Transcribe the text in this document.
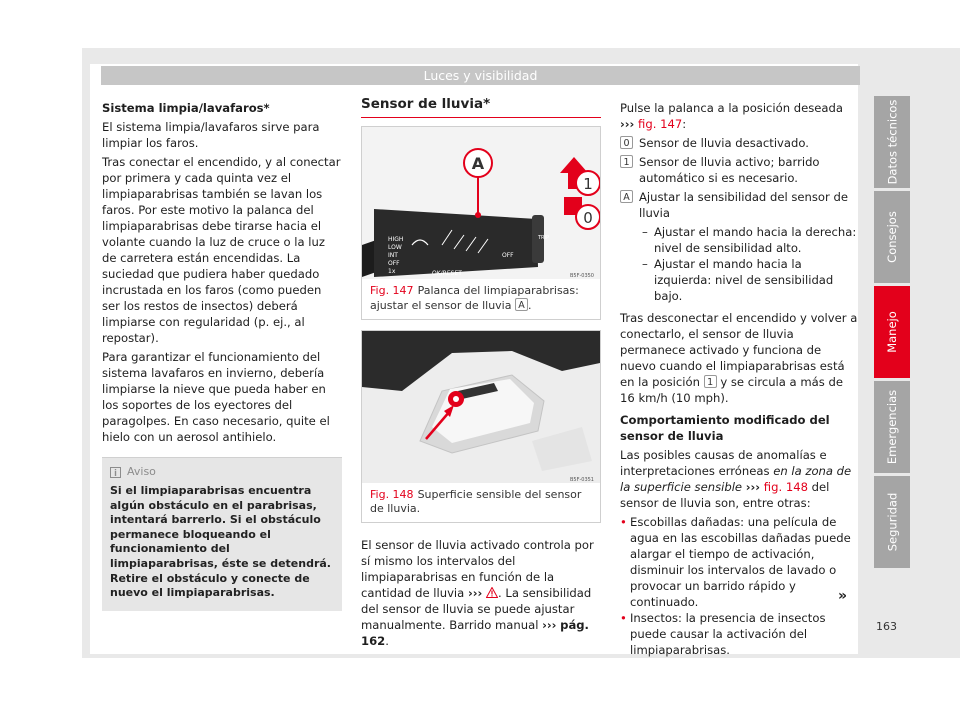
Luces y visibilidad

Sistema limpia/lavafaros*

El sistema limpia/lavafaros sirve para limpiar los faros.

Tras conectar el encendido, y al conectar por primera y cada quinta vez el limpiaparabrisas también se lavan los faros. Por este motivo la palanca del limpiaparabrisas debe tirarse hacia el volante cuando la luz de cruce o la luz de carretera están encendidas. La suciedad que pudiera haber quedado incrustada en los faros (como pueden ser los restos de insectos) deberá limpiarse con regularidad (p. ej., al repostar).

Para garantizar el funcionamiento del sistema lavafaros en invierno, debería limpiarse la nieve que pueda haber en los soportes de los eyectores del paragolpes. En caso necesario, quite el hielo con un aerosol antihielo.

Aviso
Si el limpiaparabrisas encuentra algún obstáculo en el parabrisas, intentará barrerlo. Si el obstáculo permanece bloqueando el funcionamiento del limpiaparabrisas, éste se detendrá. Retire el obstáculo y conecte de nuevo el limpiaparabrisas.
Sensor de lluvia*
HIGH
LOW
INT
OFF
1x
OFF
OK/RESET
TRIP
A
1
0
B5F-0350
Fig. 147 Palanca del limpiaparabrisas: ajustar el sensor de lluvia A .
B5F-0351
Fig. 148 Superficie sensible del sensor de lluvia.

El sensor de lluvia activado controla por sí mismo los intervalos del limpiaparabrisas en función de la cantidad de lluvia ››› . La sensibilidad del sensor de lluvia se puede ajustar manualmente. Barrido manual ››› pág. 162.

Pulse la palanca a la posición deseada
››› fig. 147:

0 Sensor de lluvia desactivado.
1 Sensor de lluvia activo; barrido automático si es necesario.
A Ajustar la sensibilidad del sensor de lluvia
– Ajustar el mando hacia la derecha: nivel de sensibilidad alto.
– Ajustar el mando hacia la izquierda: nivel de sensibilidad bajo.

Tras desconectar el encendido y volver a conectarlo, el sensor de lluvia permanece activado y funciona de nuevo cuando el limpiaparabrisas está en la posición 1 y se circula a más de 16 km/h (10 mph).

Comportamiento modificado del sensor de lluvia

Las posibles causas de anomalías e interpretaciones erróneas en la zona de la superficie sensible ››› fig. 148 del sensor de lluvia son, entre otras:

• Escobillas dañadas: una película de agua en las escobillas dañadas puede alargar el tiempo de activación, disminuir los intervalos de lavado o provocar un barrido rápido y continuado.
• Insectos: la presencia de insectos puede causar la activación del limpiaparabrisas.
»
Datos técnicos
Consejos
Manejo
Emergencias
Seguridad
163
